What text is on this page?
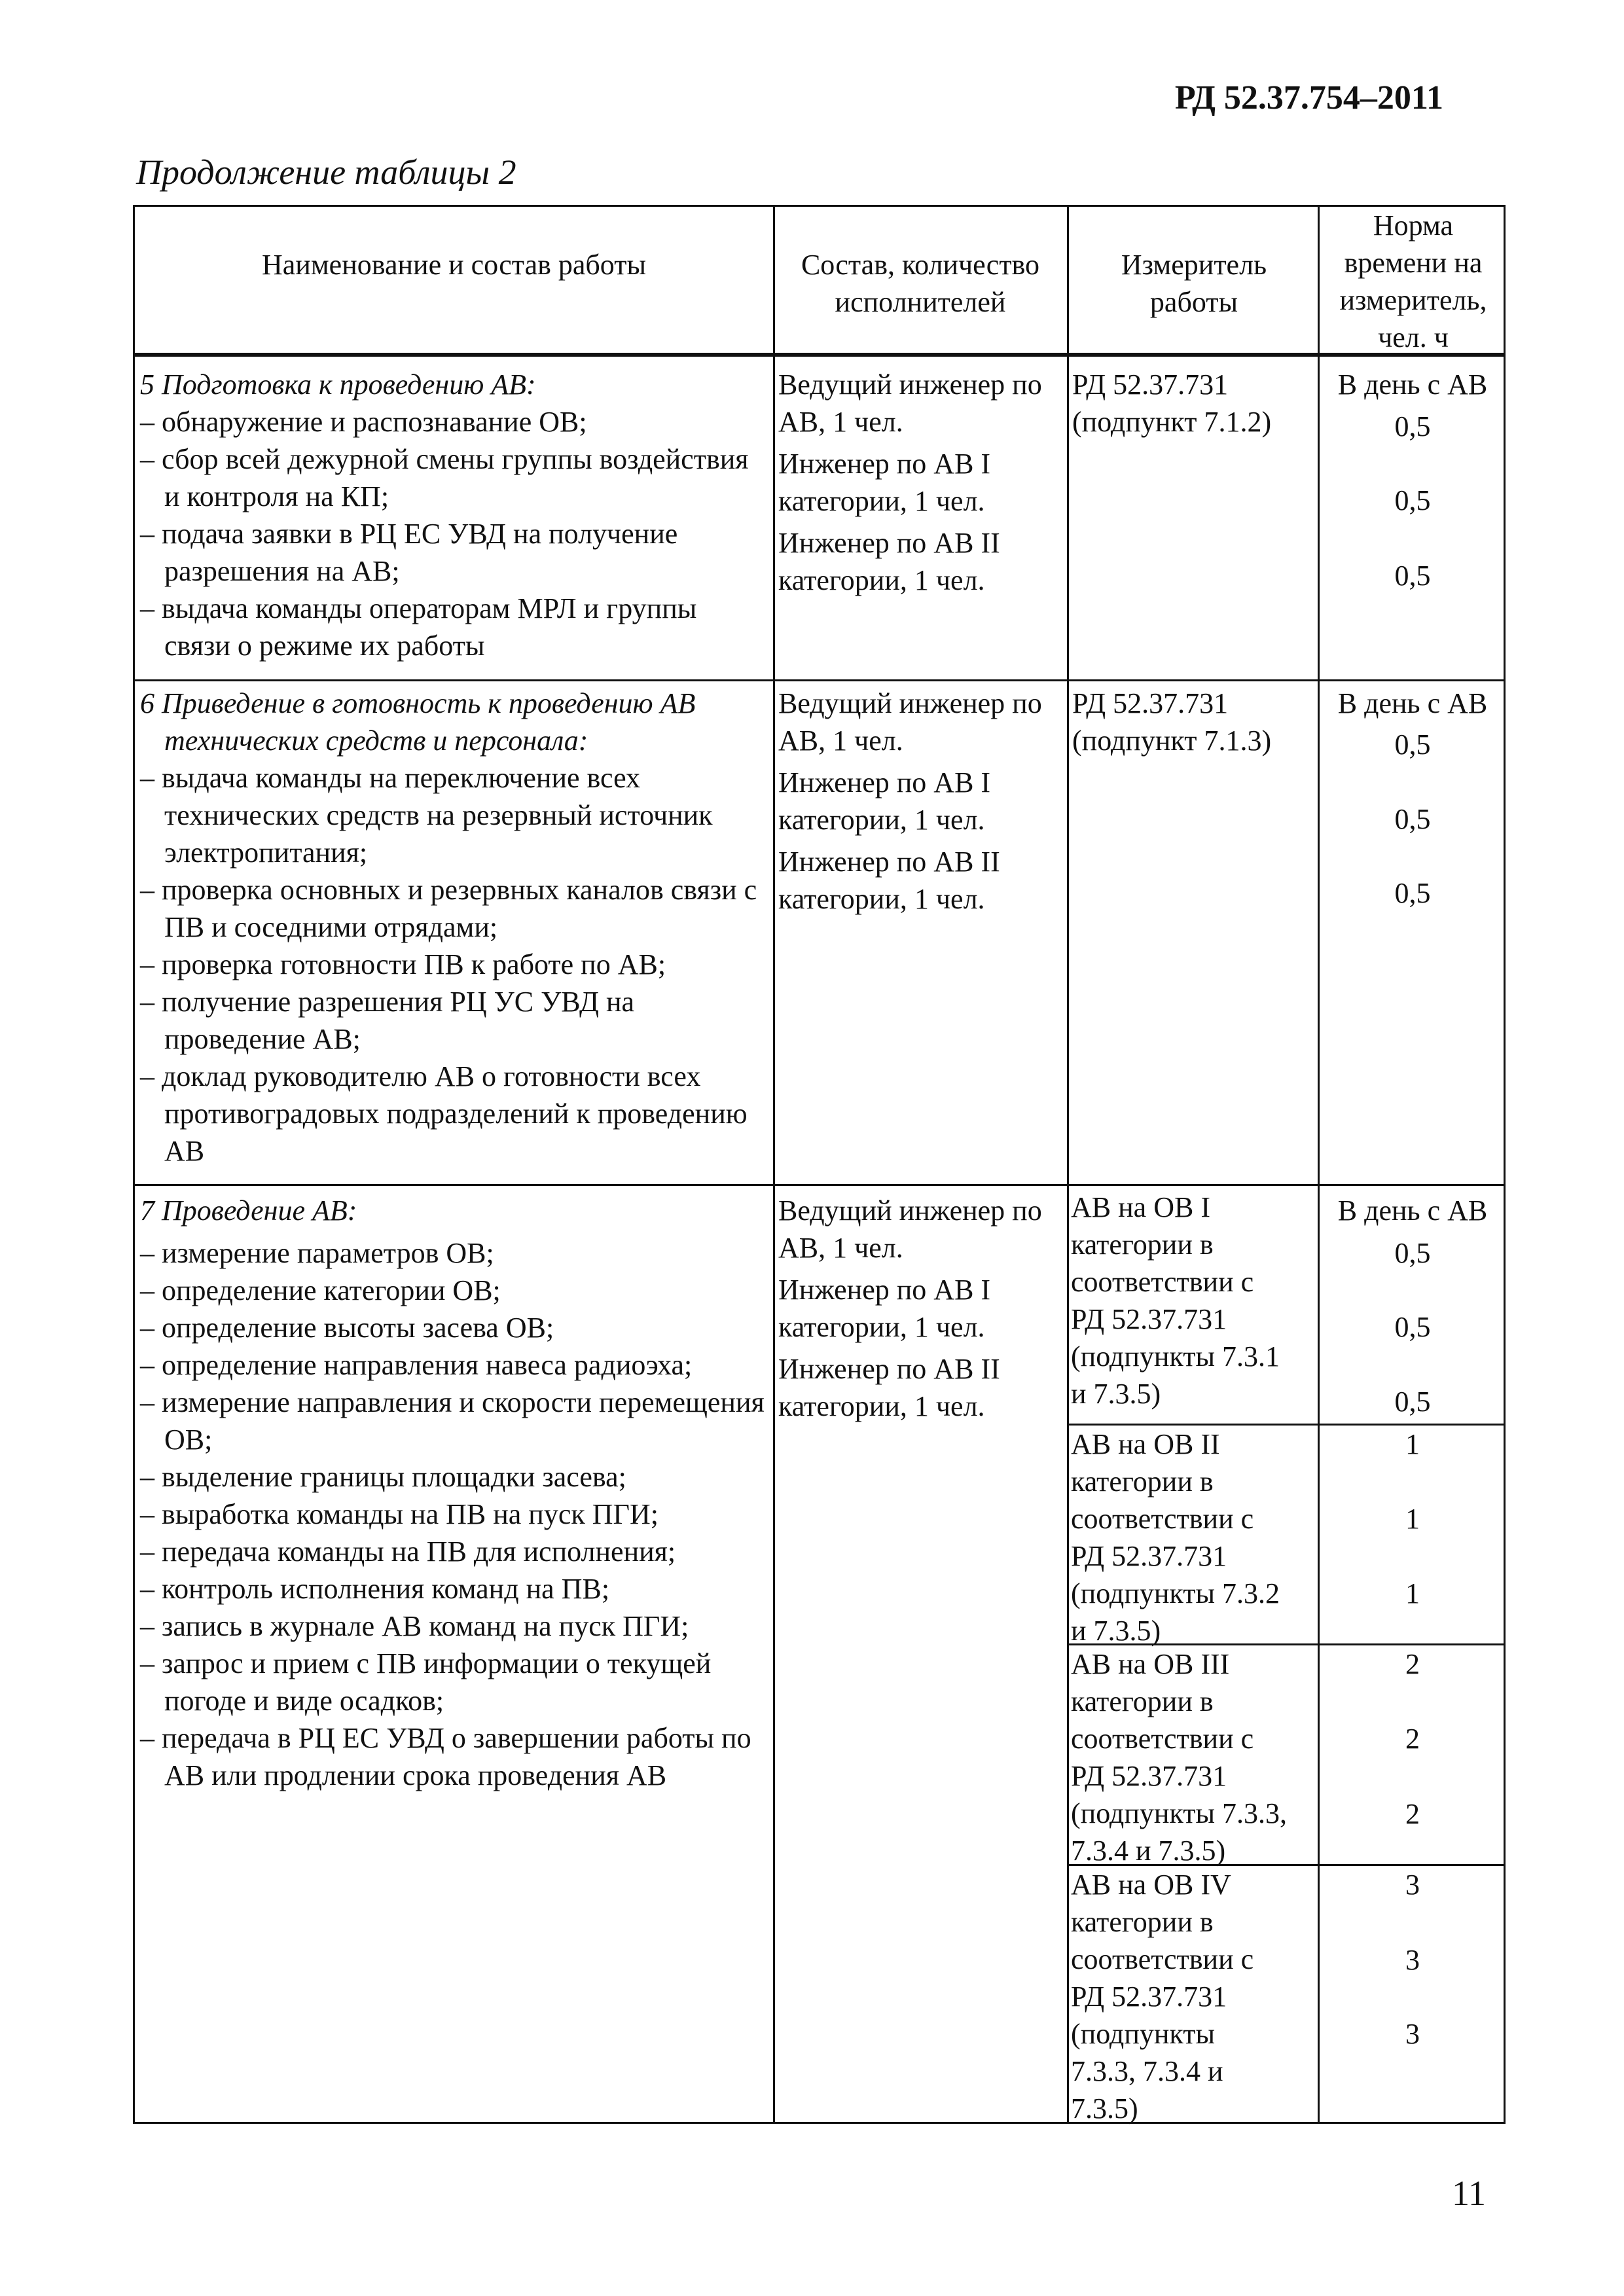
РД 52.37.754–2011
Продолжение таблицы 2
Наименование и состав работы	Состав, количество исполнителей
Измеритель работы
Норма времени на измеритель, чел. ч
5 Подготовка к проведению АВ:
– обнаружение и распознавание ОВ;
– сбор всей дежурной смены группы воздействия и контроля на КП;
– подача заявки в РЦ ЕС УВД на получение разрешения на АВ;
– выдача команды операторам МРЛ и группы связи о режиме их работы

Ведущий инженер по АВ, 1 чел.

Инженер по АВ I категории, 1 чел.

Инженер по АВ II категории, 1 чел.

РД 52.37.731 (подпункт 7.1.2)
В день с АВ
0,5
0,5
0,5
6 Приведение в готовность к проведению АВ технических средств и персонала:
– выдача команды на переключение всех технических средств на резервный источник электропитания;
– проверка основных и резервных каналов связи с ПВ и соседними отрядами;
– проверка готовности ПВ к работе по АВ;
– получение разрешения РЦ УС УВД на проведение АВ;
– доклад руководителю АВ о готовности всех противоградовых подразделений к проведению АВ

Ведущий инженер по АВ, 1 чел.

Инженер по АВ I категории, 1 чел.

Инженер по АВ II категории, 1 чел.

РД 52.37.731 (подпункт 7.1.3)
В день с АВ
0,5
0,5
0,5
7 Проведение АВ:
– измерение параметров ОВ;
– определение категории ОВ;
– определение высоты засева ОВ;
– определение направления навеса радиоэха;
– измерение направления и скорости перемещения ОВ;
– выделение границы площадки засева;
– выработка команды на ПВ на пуск ПГИ;
– передача команды на ПВ для исполнения;
– контроль исполнения команд на ПВ;
– запись в журнале АВ команд на пуск ПГИ;
– запрос и прием с ПВ информации о текущей погоде и виде осадков;
– передача в РЦ ЕС УВД о завершении работы по АВ или продлении срока проведения АВ

Ведущий инженер по АВ, 1 чел.

Инженер по АВ I категории, 1 чел.

Инженер по АВ II категории, 1 чел.

В день с АВ
АВ на ОВ I
категории в
соответствии с
РД 52.37.731
(подпункты 7.3.1
и 7.3.5)
0,5
0,5
0,5
АВ на ОВ II
категории в
соответствии с
РД 52.37.731
(подпункты 7.3.2
и 7.3.5)
1
1
1
АВ на ОВ III
категории в
соответствии с
РД 52.37.731
(подпункты 7.3.3,
7.3.4 и 7.3.5)
2
2
2
АВ на ОВ IV
категории в
соответствии с
РД 52.37.731
(подпункты
7.3.3, 7.3.4 и
7.3.5)
3
3
3
11
